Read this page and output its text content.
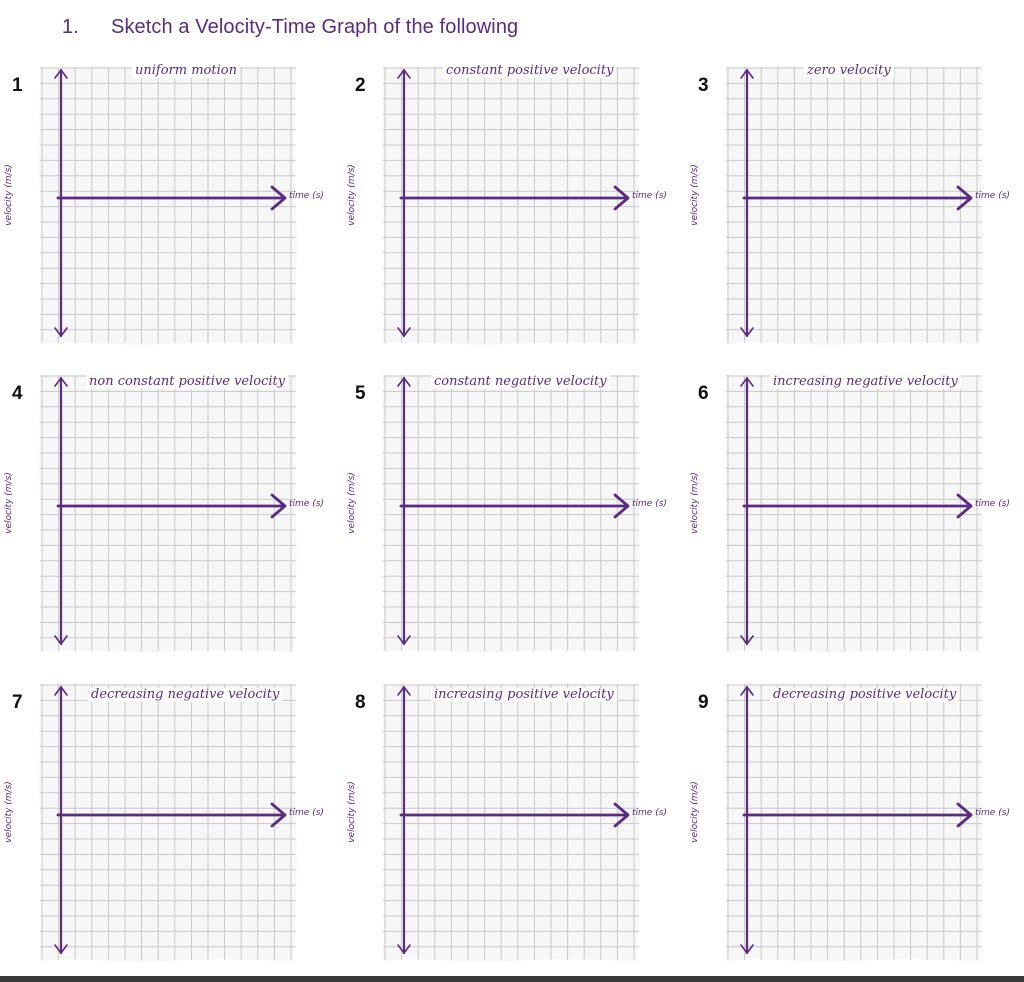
1. Sketch a Velocity-Time Graph of the following
1
uniform motion
velocity (m/s)	time (s)
2
constant positive velocity
velocity (m/s)	time (s)
3
zero velocity
velocity (m/s)	time (s)
4
non constant positive velocity
velocity (m/s)	time (s)
5
constant negative velocity
velocity (m/s)	time (s)
6
increasing negative velocity
velocity (m/s)	time (s)
7	decreasing negative velocity
velocity (m/s)	time (s)
8	increasing positive velocity
velocity (m/s)	time (s)
9	decreasing positive velocity
velocity (m/s)	time (s)
